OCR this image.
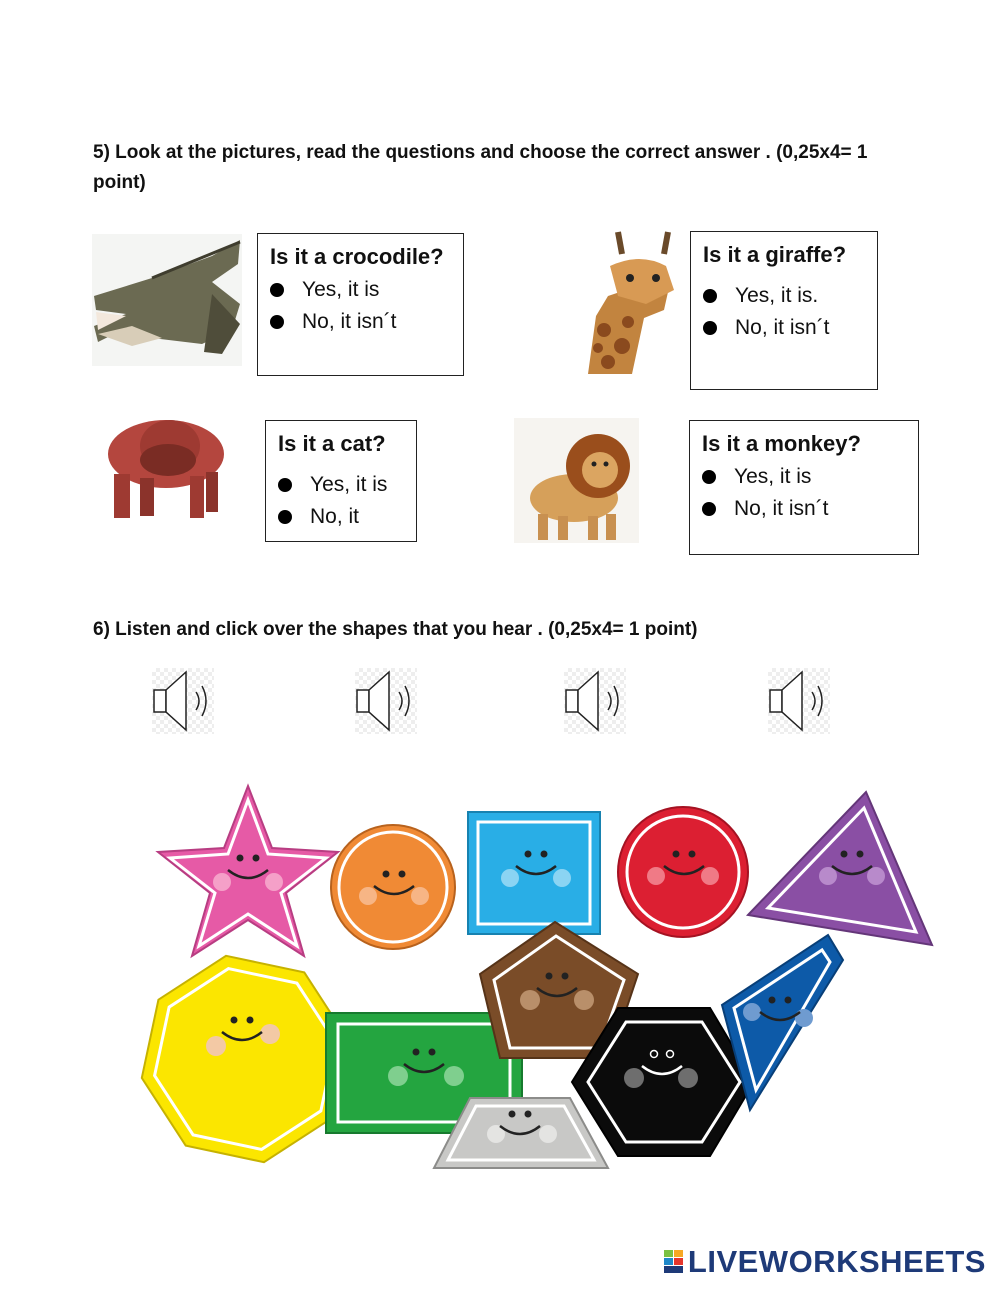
5) Look at the pictures, read the questions and choose the correct answer . (0,25x4= 1
point)
Is it a crocodile?
Yes, it is
No, it isn´t
Is it a giraffe?
Yes, it is.
No, it isn´t
Is it a cat?
Yes, it is
No, it
Is it a monkey?
Yes, it is
No, it isn´t
6) Listen and click over the shapes that you hear . (0,25x4= 1 point)
LIVEWORKSHEETS
